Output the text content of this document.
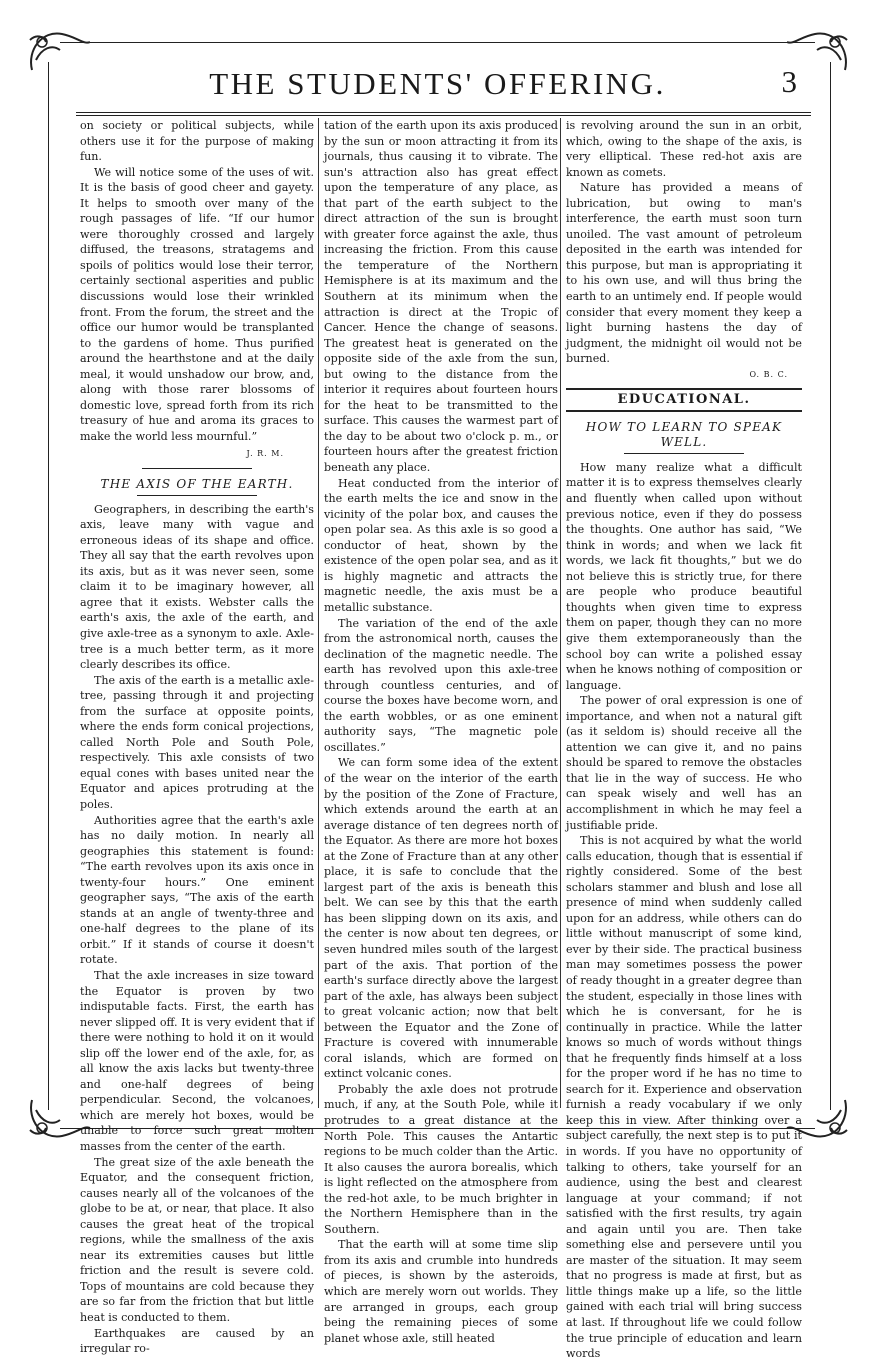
THE STUDENTS' OFFERING.	3

on society or political subjects, while others use it for the purpose of making fun.

We will notice some of the uses of wit. It is the basis of good cheer and gayety. It helps to smooth over many of the rough passages of life. “If our humor were thoroughly crossed and largely diffused, the treasons, stratagems and spoils of politics would lose their terror, certainly sectional asperities and public discussions would lose their wrinkled front. From the forum, the street and the office our humor would be transplanted to the gardens of home. Thus purified around the hearthstone and at the daily meal, it would unshadow our brow, and, along with those rarer blossoms of domestic love, spread forth from its rich treasury of hue and aroma its graces to make the world less mournful.”

J. R. M.
THE AXIS OF THE EARTH.

Geographers, in describing the earth's axis, leave many with vague and erroneous ideas of its shape and office. They all say that the earth revolves upon its axis, but as it was never seen, some claim it to be imaginary however, all agree that it exists. Webster calls the earth's axis, the axle of the earth, and give axle-tree as a synonym to axle. Axle-tree is a much better term, as it more clearly describes its office.

The axis of the earth is a metallic axle-tree, passing through it and projecting from the surface at opposite points, where the ends form conical projections, called North Pole and South Pole, respectively. This axle consists of two equal cones with bases united near the Equator and apices protruding at the poles.

Authorities agree that the earth's axle has no daily motion. In nearly all geographies this statement is found: “The earth revolves upon its axis once in twenty-four hours.” One eminent geographer says, “The axis of the earth stands at an angle of twenty-three and one-half degrees to the plane of its orbit.” If it stands of course it doesn't rotate.

That the axle increases in size toward the Equator is proven by two indisputable facts. First, the earth has never slipped off. It is very evident that if there were nothing to hold it on it would slip off the lower end of the axle, for, as all know the axis lacks but twenty-three and one-half degrees of being perpendicular. Second, the volcanoes, which are merely hot boxes, would be unable to force such great molten masses from the center of the earth.

The great size of the axle beneath the Equator, and the consequent friction, causes nearly all of the volcanoes of the globe to be at, or near, that place. It also causes the great heat of the tropical regions, while the smallness of the axis near its extremities causes but little friction and the result is severe cold. Tops of mountains are cold because they are so far from the friction that but little heat is conducted to them.

Earthquakes are caused by an irregular ro-

tation of the earth upon its axis produced by the sun or moon attracting it from its journals, thus causing it to vibrate. The sun's attraction also has great effect upon the temperature of any place, as that part of the earth subject to the direct attraction of the sun is brought with greater force against the axle, thus increasing the friction. From this cause the temperature of the Northern Hemisphere is at its maximum and the Southern at its minimum when the attraction is direct at the Tropic of Cancer. Hence the change of seasons. The greatest heat is generated on the opposite side of the axle from the sun, but owing to the distance from the interior it requires about fourteen hours for the heat to be transmitted to the surface. This causes the warmest part of the day to be about two o'clock p. m., or fourteen hours after the greatest friction beneath any place.

Heat conducted from the interior of the earth melts the ice and snow in the vicinity of the polar box, and causes the open polar sea. As this axle is so good a conductor of heat, shown by the existence of the open polar sea, and as it is highly magnetic and attracts the magnetic needle, the axis must be a metallic substance.

The variation of the end of the axle from the astronomical north, causes the declination of the magnetic needle. The earth has revolved upon this axle-tree through countless centuries, and of course the boxes have become worn, and the earth wobbles, or as one eminent authority says, “The magnetic pole oscillates.”

We can form some idea of the extent of the wear on the interior of the earth by the position of the Zone of Fracture, which extends around the earth at an average distance of ten degrees north of the Equator. As there are more hot boxes at the Zone of Fracture than at any other place, it is safe to conclude that the largest part of the axis is beneath this belt. We can see by this that the earth has been slipping down on its axis, and the center is now about ten degrees, or seven hundred miles south of the largest part of the axis. That portion of the earth's surface directly above the largest part of the axle, has always been subject to great volcanic action; now that belt between the Equator and the Zone of Fracture is covered with innumerable coral islands, which are formed on extinct volcanic cones.

Probably the axle does not protrude much, if any, at the South Pole, while it protrudes to a great distance at the North Pole. This causes the Antartic regions to be much colder than the Artic. It also causes the aurora borealis, which is light reflected on the atmosphere from the red-hot axle, to be much brighter in the Northern Hemisphere than in the Southern.

That the earth will at some time slip from its axis and crumble into hundreds of pieces, is shown by the asteroids, which are merely worn out worlds. They are arranged in groups, each group being the remaining pieces of some planet whose axle, still heated

is revolving around the sun in an orbit, which, owing to the shape of the axis, is very elliptical. These red-hot axis are known as comets.

Nature has provided a means of lubrication, but owing to man's interference, the earth must soon turn unoiled. The vast amount of petroleum deposited in the earth was intended for this purpose, but man is appropriating it to his own use, and will thus bring the earth to an untimely end. If people would consider that every moment they keep a light burning hastens the day of judgment, the midnight oil would not be burned.

O. B. C.
EDUCATIONAL.
HOW TO LEARN TO SPEAK WELL.

How many realize what a difficult matter it is to express themselves clearly and fluently when called upon without previous notice, even if they do possess the thoughts. One author has said, “We think in words; and when we lack fit words, we lack fit thoughts,” but we do not believe this is strictly true, for there are people who produce beautiful thoughts when given time to express them on paper, though they can no more give them extemporaneously than the school boy can write a polished essay when he knows nothing of composition or language.

The power of oral expression is one of importance, and when not a natural gift (as it seldom is) should receive all the attention we can give it, and no pains should be spared to remove the obstacles that lie in the way of success. He who can speak wisely and well has an accomplishment in which he may feel a justifiable pride.

This is not acquired by what the world calls education, though that is essential if rightly considered. Some of the best scholars stammer and blush and lose all presence of mind when suddenly called upon for an address, while others can do little without manuscript of some kind, ever by their side. The practical business man may sometimes possess the power of ready thought in a greater degree than the student, especially in those lines with which he is conversant, for he is continually in practice. While the latter knows so much of words without things that he frequently finds himself at a loss for the proper word if he has no time to search for it. Experience and observation furnish a ready vocabulary if we only keep this in view. After thinking over a subject carefully, the next step is to put it in words. If you have no opportunity of talking to others, take yourself for an audience, using the best and clearest language at your command; if not satisfied with the first results, try again and again until you are. Then take something else and persevere until you are master of the situation. It may seem that no progress is made at first, but as little things make up a life, so the little gained with each trial will bring success at last. If throughout life we could follow the true principle of education and learn words
